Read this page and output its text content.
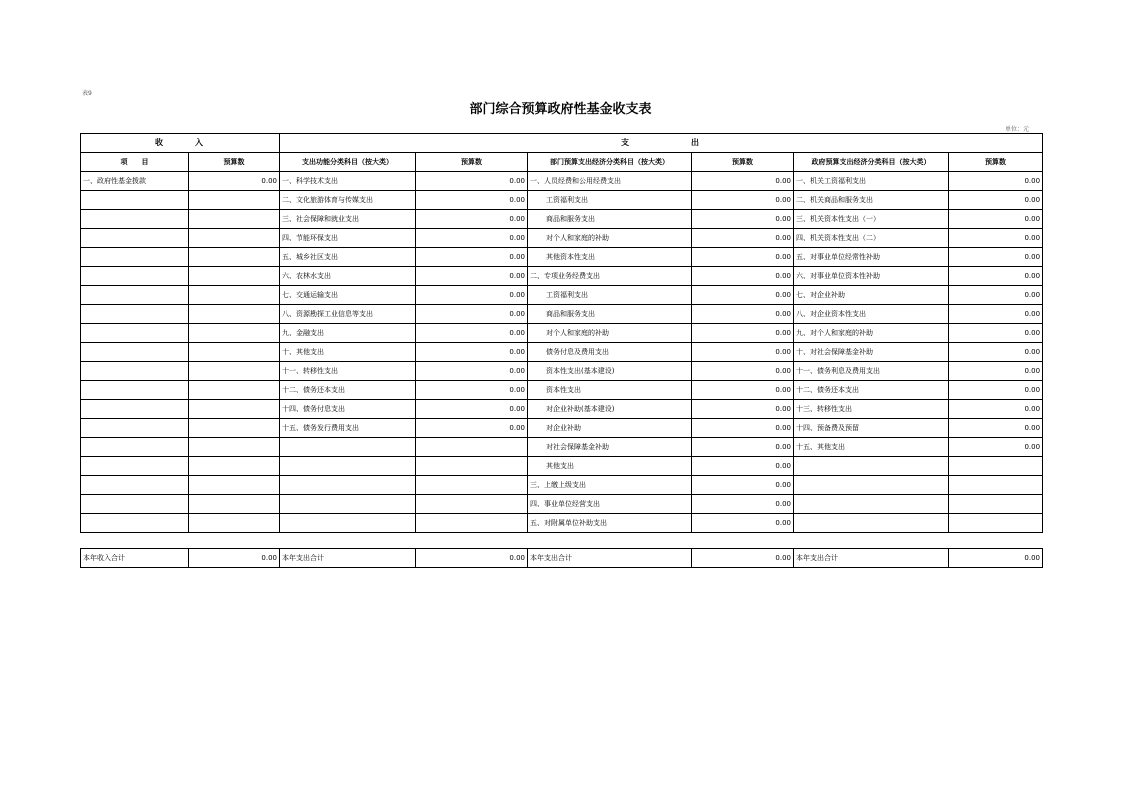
表9
部门综合预算政府性基金收支表
单位：元
收　　　入		支　　　　　　出					
项　　目	预算数	支出功能分类科目（按大类）	预算数	部门预算支出经济分类科目（按大类）	预算数	政府预算支出经济分类科目（按大类）	预算数
一、政府性基金拨款	0.00	一、科学技术支出	0.00	一、人员经费和公用经费支出	0.00	一、机关工资福利支出	0.00
		二、文化旅游体育与传媒支出	0.00	工资福利支出	0.00	二、机关商品和服务支出	0.00
		三、社会保障和就业支出	0.00	商品和服务支出	0.00	三、机关资本性支出（一）	0.00
		四、节能环保支出	0.00	对个人和家庭的补助	0.00	四、机关资本性支出（二）	0.00
		五、城乡社区支出	0.00	其他资本性支出	0.00	五、对事业单位经常性补助	0.00
		六、农林水支出	0.00	二、专项业务经费支出	0.00	六、对事业单位资本性补助	0.00
		七、交通运输支出	0.00	工资福利支出	0.00	七、对企业补助	0.00
		八、资源勘探工业信息等支出	0.00	商品和服务支出	0.00	八、对企业资本性支出	0.00
		九、金融支出	0.00	对个人和家庭的补助	0.00	九、对个人和家庭的补助	0.00
		十、其他支出	0.00	债务付息及费用支出	0.00	十、对社会保障基金补助	0.00
		十一、转移性支出	0.00	资本性支出(基本建设)	0.00	十一、债务利息及费用支出	0.00
		十二、债务还本支出	0.00	资本性支出	0.00	十二、债务还本支出	0.00
		十四、债务付息支出	0.00	对企业补助(基本建设)	0.00	十三、转移性支出	0.00
		十五、债务发行费用支出	0.00	对企业补助	0.00	十四、预备费及预留	0.00
				对社会保障基金补助	0.00	十五、其他支出	0.00
				其他支出	0.00		
				三、上缴上级支出	0.00		
				四、事业单位经营支出	0.00		
				五、对附属单位补助支出	0.00		
本年收入合计	0.00	本年支出合计	0.00	本年支出合计	0.00	本年支出合计	0.00
